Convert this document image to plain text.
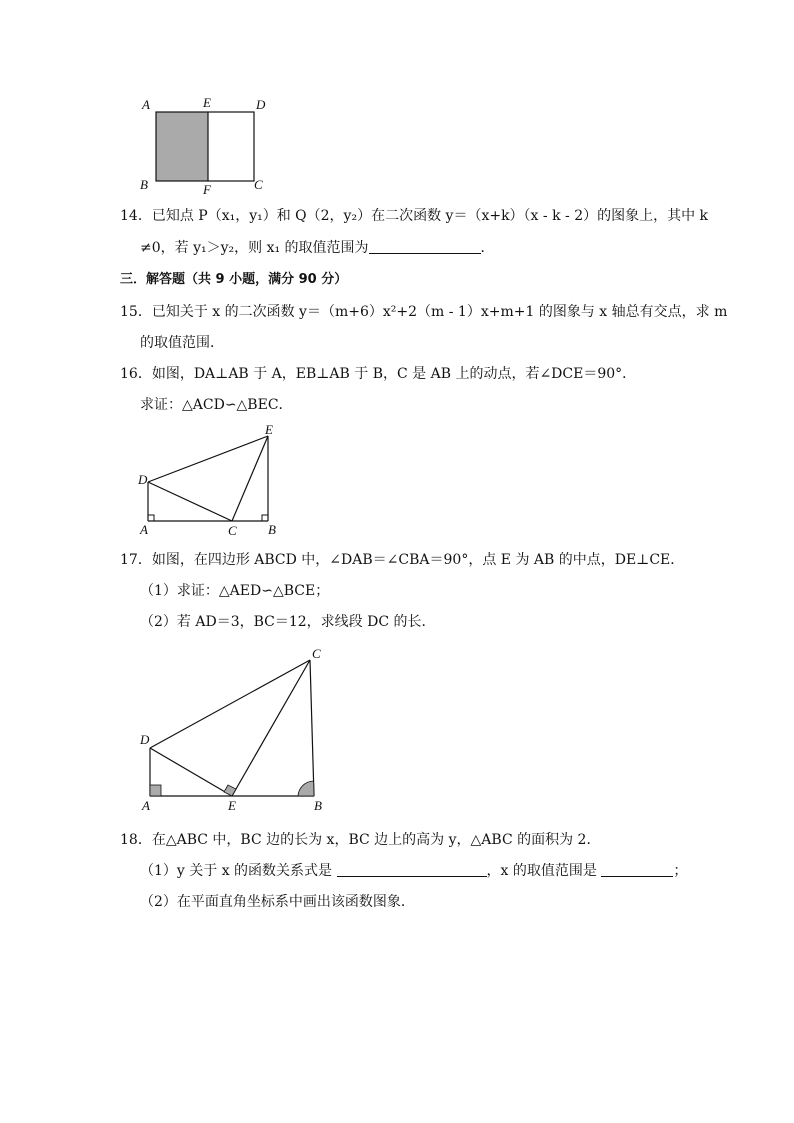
A	E	D
B	F	C
14．已知点 P（x₁，y₁）和 Q（2，y₂）在二次函数 y＝（x+k）（x - k - 2）的图象上，其中 k
≠0，若 y₁＞y₂，则 x₁ 的取值范围为	．
三．解答题（共 9 小题，满分 90 分）
15．已知关于 x 的二次函数 y＝（m+6）x²+2（m - 1）x+m+1 的图象与 x 轴总有交点，求 m
的取值范围．
16．如图，DA⊥AB 于 A，EB⊥AB 于 B，C 是 AB 上的动点，若∠DCE＝90°．
求证：△ACD∽△BEC．
E
D
A	C B
17．如图，在四边形 ABCD 中，∠DAB＝∠CBA＝90°，点 E 为 AB 的中点，DE⊥CE．
（1）求证：△AED∽△BCE；
（2）若 AD＝3，BC＝12，求线段 DC 的长．
C
D
A	E	B
18．在△ABC 中，BC 边的长为 x，BC 边上的高为 y，△ABC 的面积为 2．
（1）y 关于 x 的函数关系式是	，x 的取值范围是	；
（2）在平面直角坐标系中画出该函数图象．
